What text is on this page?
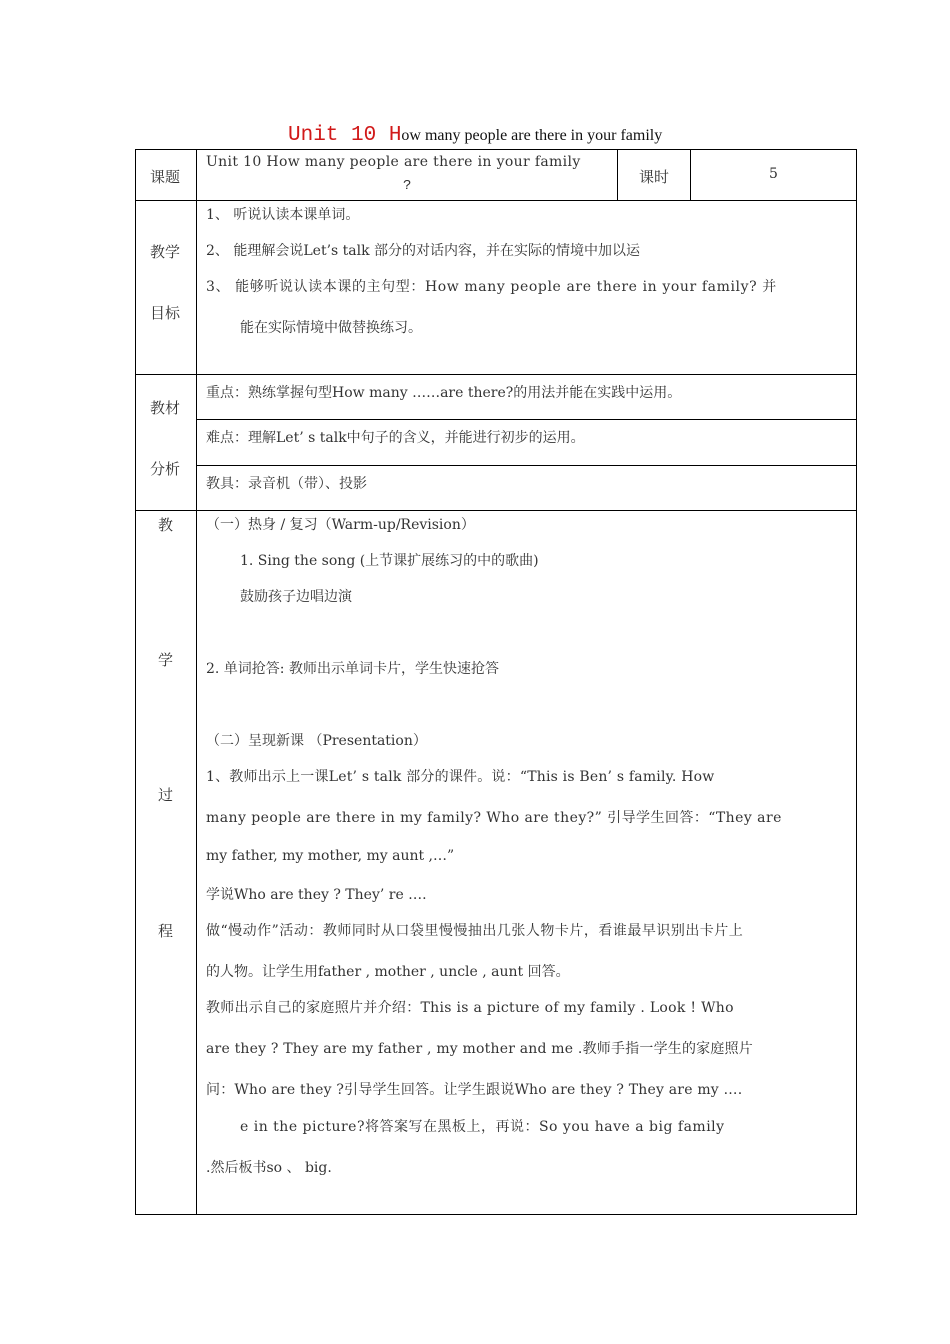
Unit 10 How many people are there in your family
课题
Unit 10 How many people are there in your family
?	课时	5
教学
目标
1、 听说认读本课单词。
2、 能理解会说Let’s talk 部分的对话内容，并在实际的情境中加以运
3、 能够听说认读本课的主句型：How many people are there in your family? 并
能在实际情境中做替换练习。
教材
分析
重点：熟练掌握句型How many ……are there?的用法并能在实践中运用。
难点：理解Let’ s talk中句子的含义，并能进行初步的运用。
教具：录音机（带）、投影
教
学
过
程
（一）热身 / 复习（Warm-up/Revision）
1. Sing the song (上节课扩展练习的中的歌曲)
鼓励孩子边唱边演
2. 单词抢答: 教师出示单词卡片，学生快速抢答
（二）呈现新课 （Presentation）
1、教师出示上一课Let’ s talk 部分的课件。说：“This is Ben’ s family. How
many people are there in my family? Who are they?” 引导学生回答：“They are
my father, my mother, my aunt ,…”
学说Who are they ? They’ re ….
做“慢动作”活动：教师同时从口袋里慢慢抽出几张人物卡片，看谁最早识别出卡片上
的人物。让学生用father , mother , uncle , aunt 回答。
教师出示自己的家庭照片并介绍：This is a picture of my family . Look ! Who
are they ? They are my father , my mother and me .教师手指一学生的家庭照片
问：Who are they ?引导学生回答。让学生跟说Who are they ? They are my ….
e in the picture?将答案写在黑板上，再说：So you have a big family
.然后板书so 、 big.
